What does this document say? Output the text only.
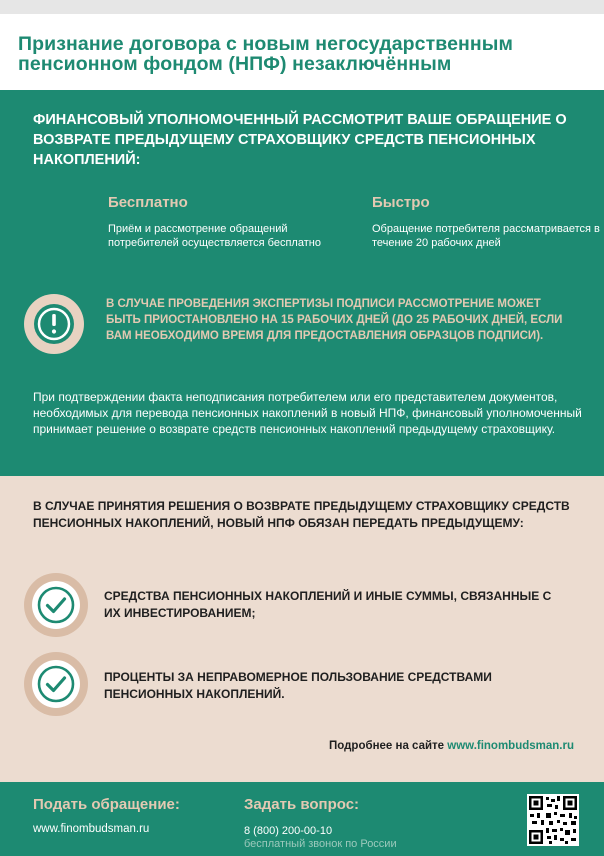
Признание договора с новым негосударственным пенсионном фондом (НПФ) незаключённым

ФИНАНСОВЫЙ УПОЛНОМОЧЕННЫЙ РАССМОТРИТ ВАШЕ ОБРАЩЕНИЕ О ВОЗВРАТЕ ПРЕДЫДУЩЕМУ СТРАХОВЩИКУ СРЕДСТВ ПЕНСИОННЫХ НАКОПЛЕНИЙ:

Бесплатно
Приём и рассмотрение обращений потребителей осуществляется бесплатно
Быстро
Обращение потребителя рассматривается в течение 20 рабочих дней
В СЛУЧАЕ ПРОВЕДЕНИЯ ЭКСПЕРТИЗЫ ПОДПИСИ РАССМОТРЕНИЕ МОЖЕТ БЫТЬ ПРИОСТАНОВЛЕНО НА 15 РАБОЧИХ ДНЕЙ (ДО 25 РАБОЧИХ ДНЕЙ, ЕСЛИ ВАМ НЕОБХОДИМО ВРЕМЯ ДЛЯ ПРЕДОСТАВЛЕНИЯ ОБРАЗЦОВ ПОДПИСИ).
При подтверждении факта неподписания потребителем или его представителем документов, необходимых для перевода пенсионных накоплений в новый НПФ, финансовый уполномоченный принимает решение о возврате средств пенсионных накоплений предыдущему страховщику.
В СЛУЧАЕ ПРИНЯТИЯ РЕШЕНИЯ О ВОЗВРАТЕ ПРЕДЫДУЩЕМУ СТРАХОВЩИКУ СРЕДСТВ ПЕНСИОННЫХ НАКОПЛЕНИЙ, НОВЫЙ НПФ ОБЯЗАН ПЕРЕДАТЬ ПРЕДЫДУЩЕМУ:
СРЕДСТВА ПЕНСИОННЫХ НАКОПЛЕНИЙ И ИНЫЕ СУММЫ, СВЯЗАННЫЕ С ИХ ИНВЕСТИРОВАНИЕМ;
ПРОЦЕНТЫ ЗА НЕПРАВОМЕРНОЕ ПОЛЬЗОВАНИЕ СРЕДСТВАМИ ПЕНСИОННЫХ НАКОПЛЕНИЙ.
Подробнее на сайте www.finombudsman.ru
Подать обращение:
www.finombudsman.ru
Задать вопрос:
8 (800) 200-00-10
бесплатный звонок по России
